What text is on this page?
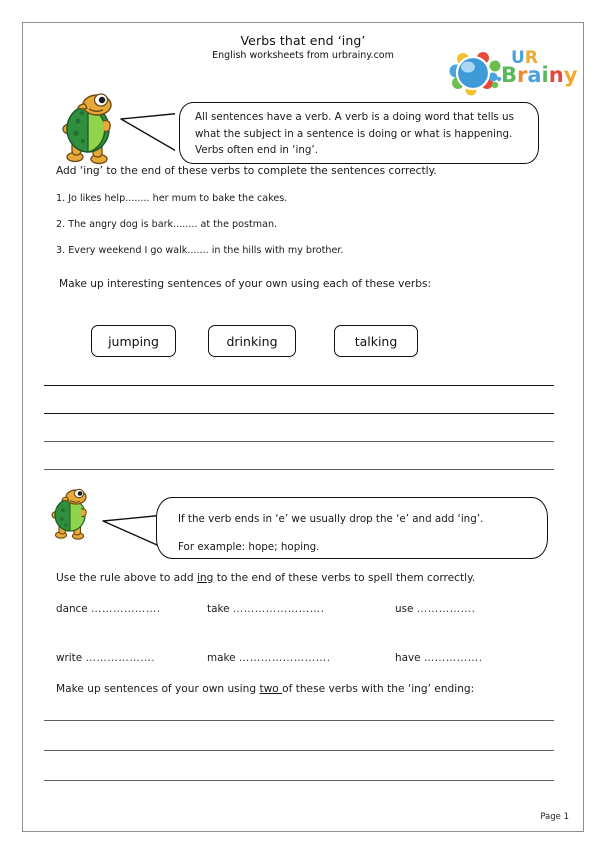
Verbs that end ‘ing’
English worksheets from urbrainy.com	UR
Brainy
All sentences have a verb. A verb is a doing word that tells us
what the subject in a sentence is doing or what is happening.
Verbs often end in ‘ing’.
Add ‘ing’ to the end of these verbs to complete the sentences correctly.
1. Jo likes help........ her mum to bake the cakes.
2. The angry dog is bark........ at the postman.
3. Every weekend I go walk....... in the hills with my brother.
Make up interesting sentences of your own using each of these verbs:
jumping	drinking	talking
If the verb ends in ‘e’ we usually drop the ‘e’ and add ‘ing’.
For example: hope; hoping.
Use the rule above to add ing to the end of these verbs to spell them correctly.
dance ……………….	take …………………….	use …………….
write ……………….	make …………………….	have …………….
Make up sentences of your own using two of these verbs with the ‘ing’ ending:
Page 1
